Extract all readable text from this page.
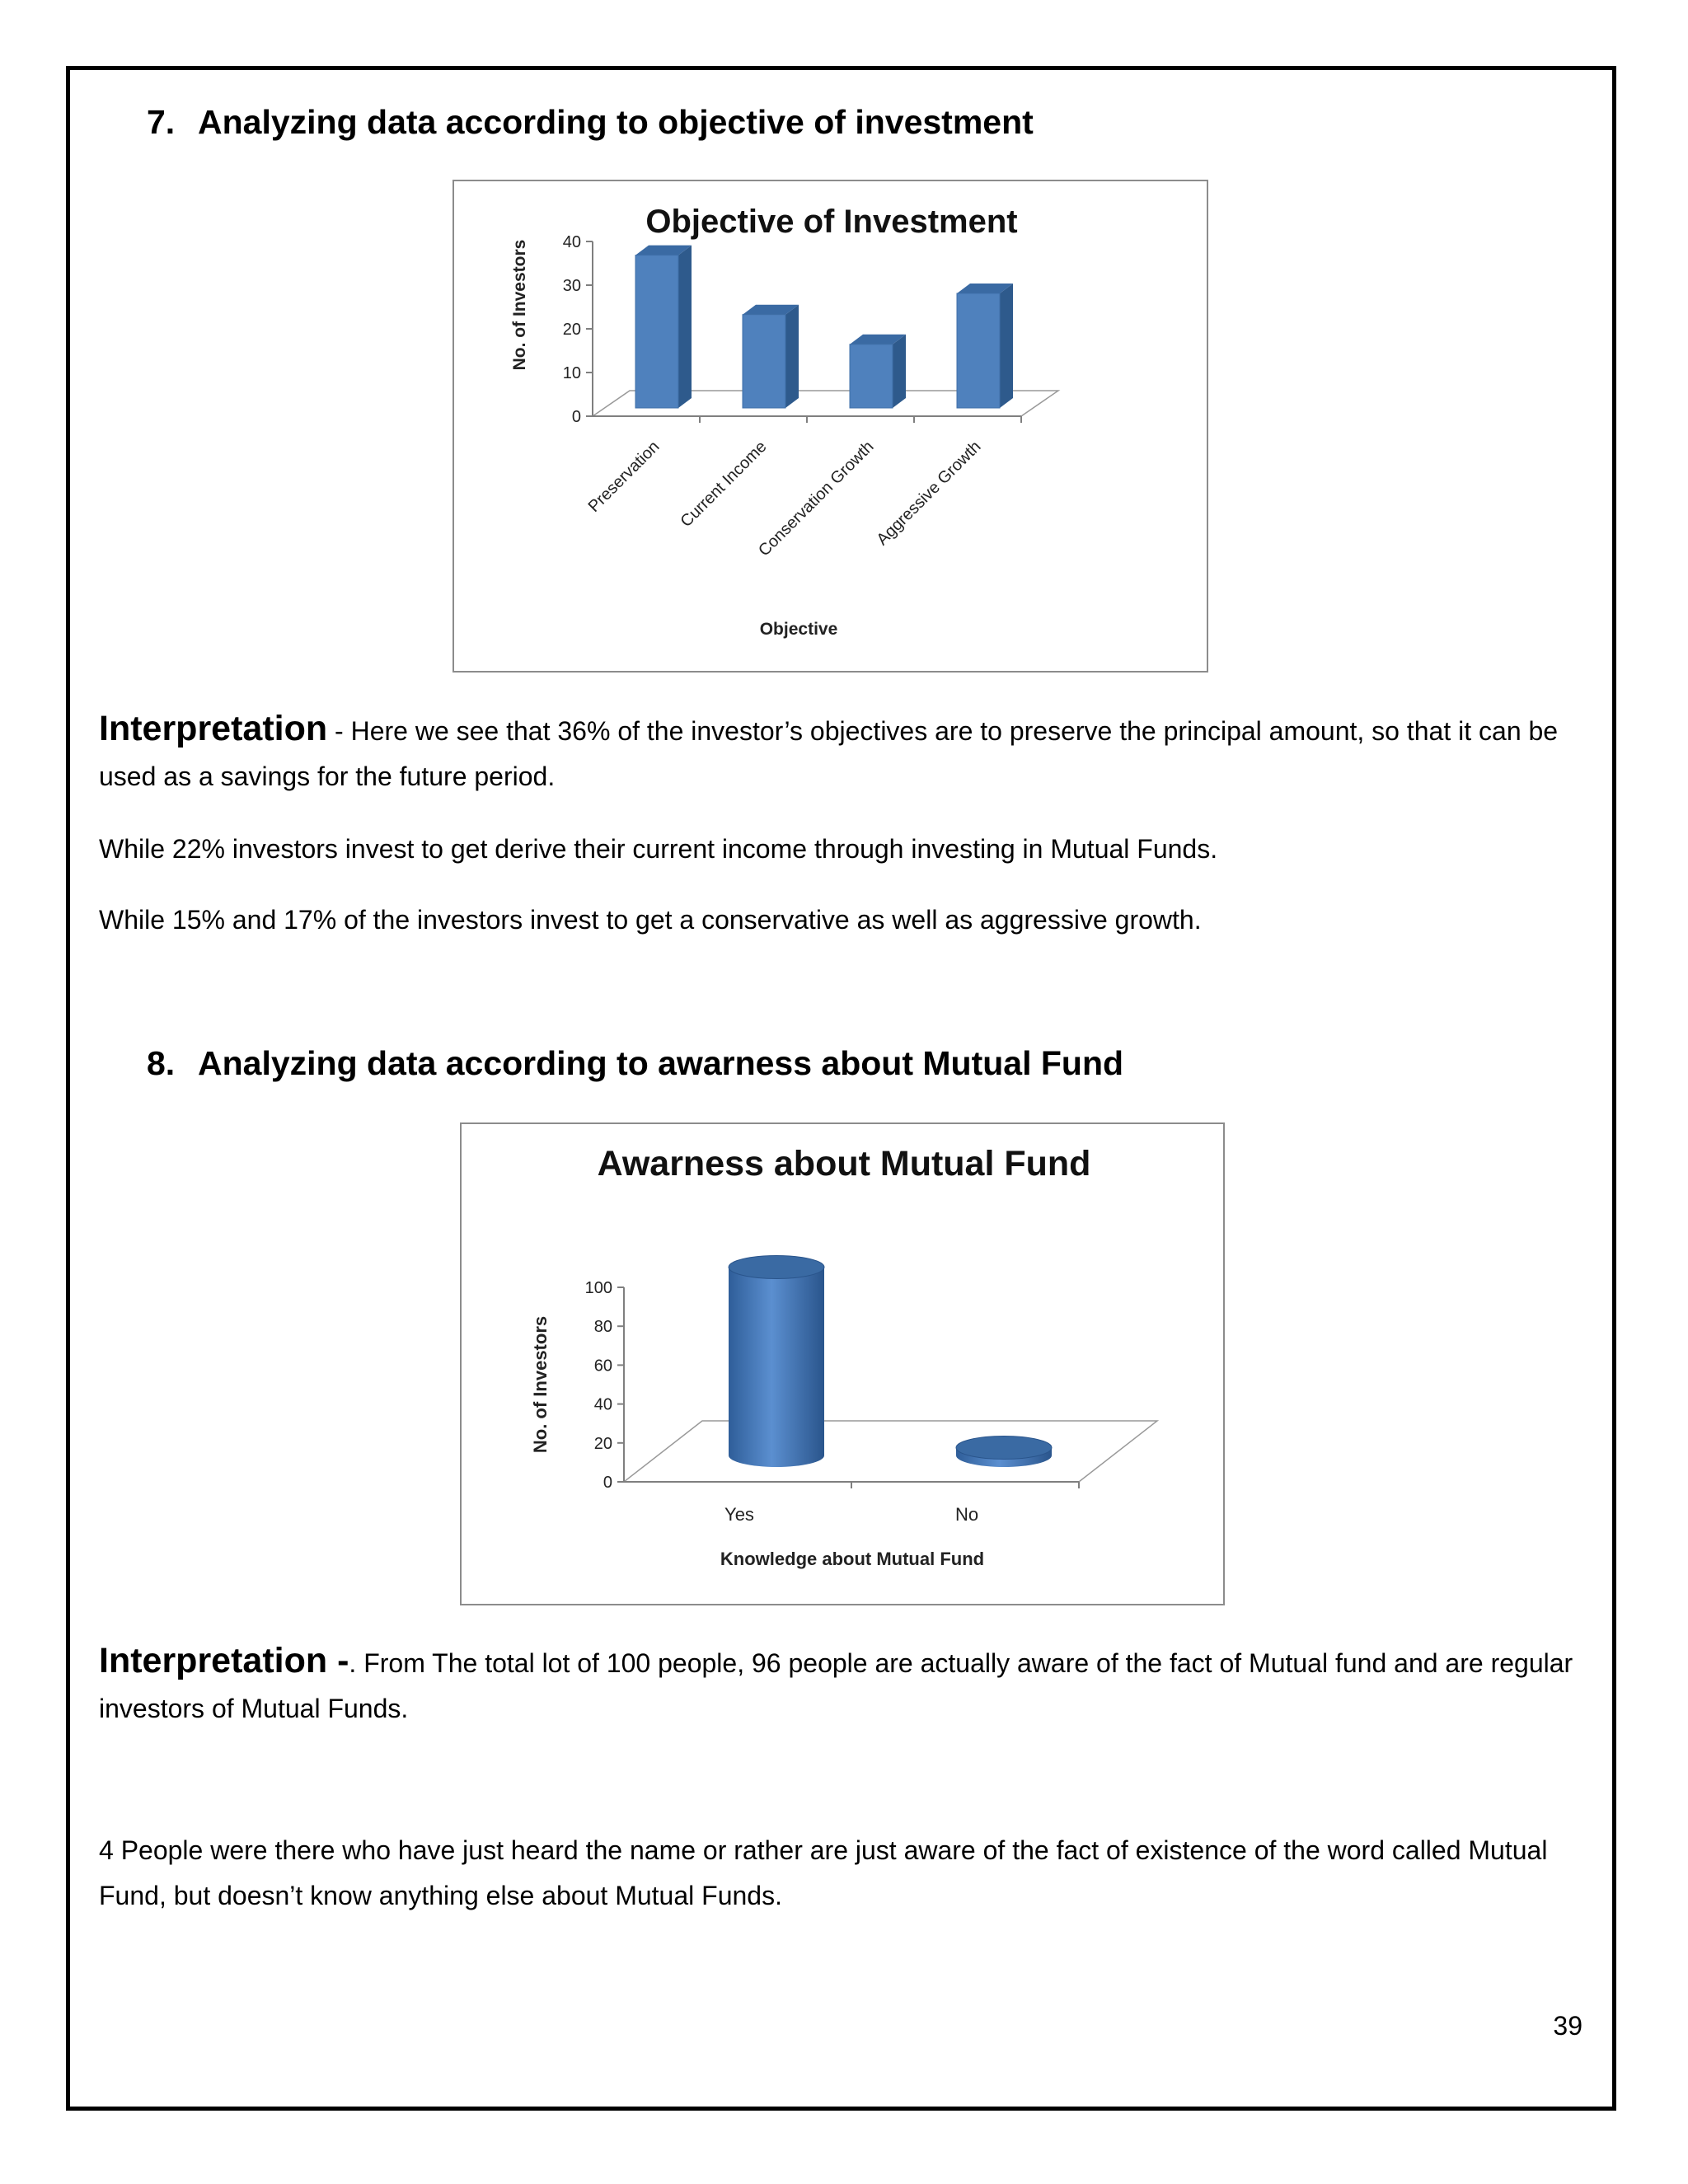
7. Analyzing data according to objective of investment
Objective of Investment
0
10
20
30
40
Preservation Current Income
Conservation Growth
Aggressive Growth
No. of Investors
Objective

Interpretation - Here we see that 36% of the investor’s objectives are to preserve the principal amount, so that it can be used as a savings for the future period.

While 22% investors invest to get derive their current income through investing in Mutual Funds.

While 15% and 17% of the investors invest to get a conservative as well as aggressive growth.

8. Analyzing data according to awarness about Mutual Fund
Awarness about Mutual Fund
0
20
40
60
80
100
Yes	No
No. of Investors
Knowledge about Mutual Fund

Interpretation -. From The total lot of 100 people, 96 people are actually aware of the fact of Mutual fund and are regular investors of Mutual Funds.

4 People were there who have just heard the name or rather are just aware of the fact of existence of the word called Mutual Fund, but doesn’t know anything else about Mutual Funds.

39
